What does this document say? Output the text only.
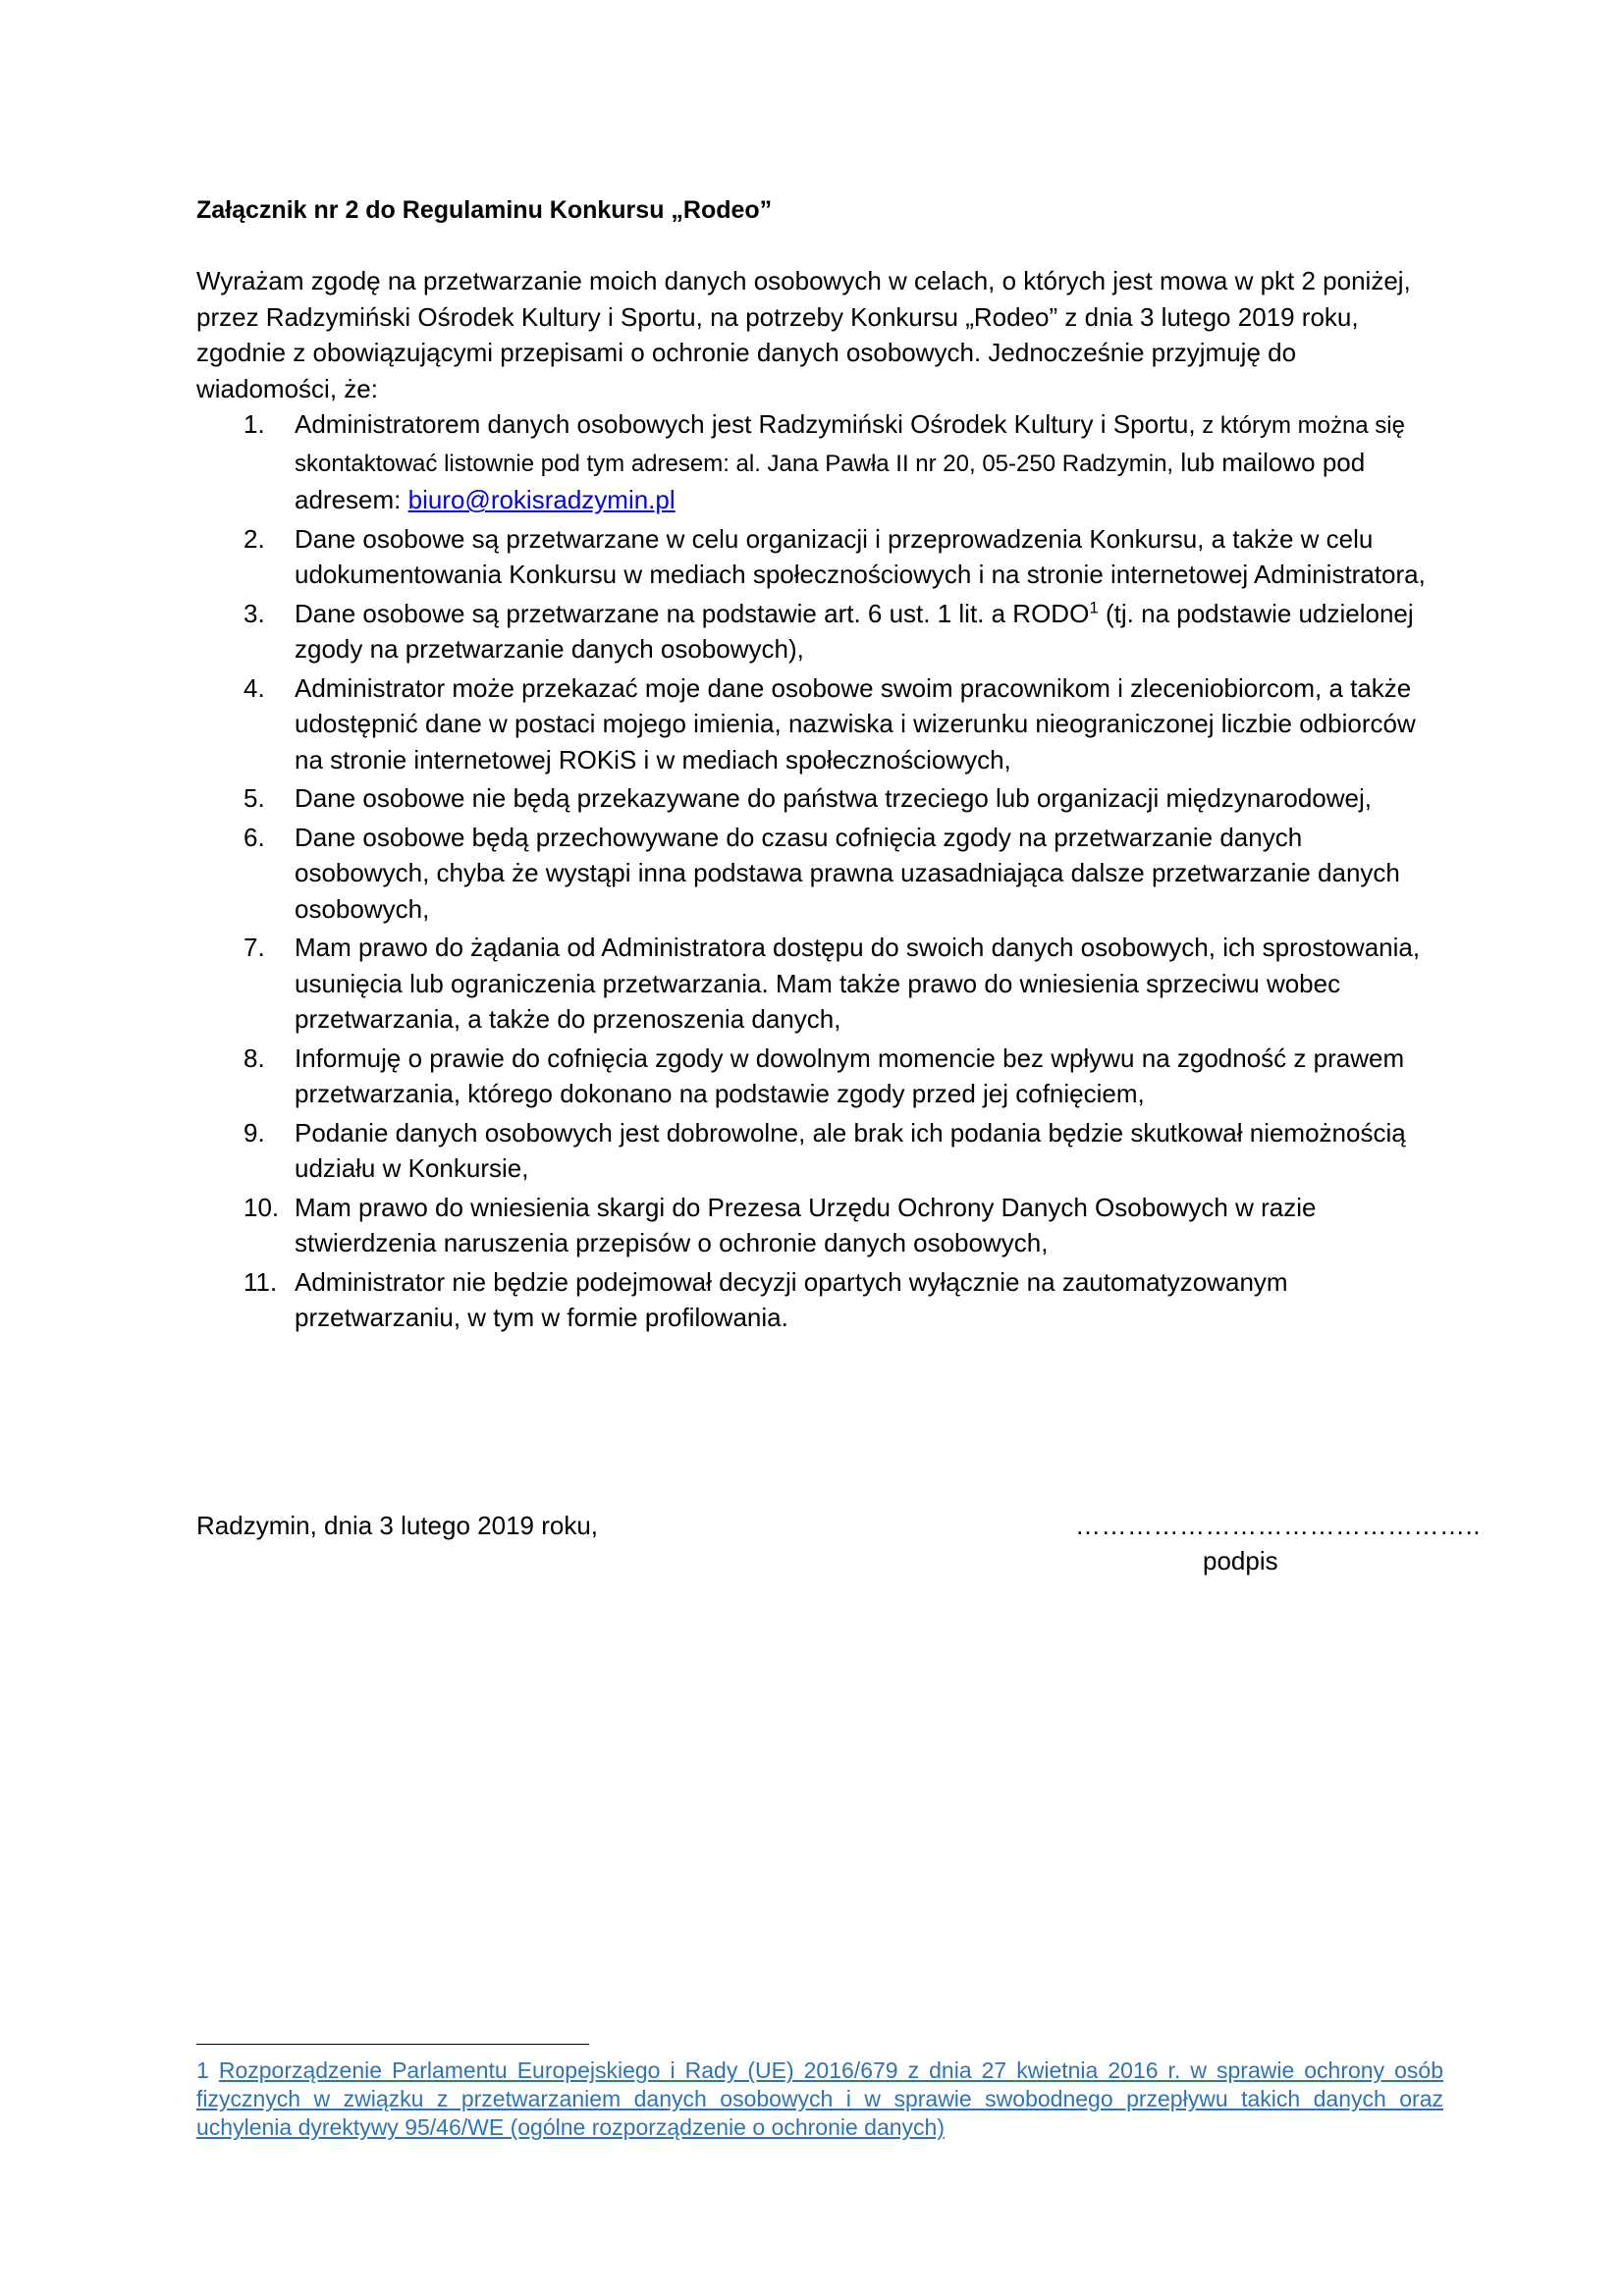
Załącznik nr 2 do Regulaminu Konkursu „Rodeo”

Wyrażam zgodę na przetwarzanie moich danych osobowych w celach, o których jest mowa w pkt 2 poniżej, przez Radzymiński Ośrodek Kultury i Sportu, na potrzeby Konkursu „Rodeo” z dnia 3 lutego 2019 roku, zgodnie z obowiązującymi przepisami o ochronie danych osobowych. Jednocześnie przyjmuję do wiadomości, że:

1. Administratorem danych osobowych jest Radzymiński Ośrodek Kultury i Sportu, z którym można się skontaktować listownie pod tym adresem: al. Jana Pawła II nr 20, 05-250 Radzymin, lub mailowo pod adresem: biuro@rokisradzymin.pl
2. Dane osobowe są przetwarzane w celu organizacji i przeprowadzenia Konkursu, a także w celu udokumentowania Konkursu w mediach społecznościowych i na stronie internetowej Administratora,
3. Dane osobowe są przetwarzane na podstawie art. 6 ust. 1 lit. a RODO$^1$ (tj. na podstawie udzielonej zgody na przetwarzanie danych osobowych),
4. Administrator może przekazać moje dane osobowe swoim pracownikom i zleceniobiorcom, a także udostępnić dane w postaci mojego imienia, nazwiska i wizerunku nieograniczonej liczbie odbiorców na stronie internetowej ROKiS i w mediach społecznościowych,
5. Dane osobowe nie będą przekazywane do państwa trzeciego lub organizacji międzynarodowej,
6. Dane osobowe będą przechowywane do czasu cofnięcia zgody na przetwarzanie danych osobowych, chyba że wystąpi inna podstawa prawna uzasadniająca dalsze przetwarzanie danych osobowych,
7. Mam prawo do żądania od Administratora dostępu do swoich danych osobowych, ich sprostowania, usunięcia lub ograniczenia przetwarzania. Mam także prawo do wniesienia sprzeciwu wobec przetwarzania, a także do przenoszenia danych,
8. Informuję o prawie do cofnięcia zgody w dowolnym momencie bez wpływu na zgodność z prawem przetwarzania, którego dokonano na podstawie zgody przed jej cofnięciem,
9. Podanie danych osobowych jest dobrowolne, ale brak ich podania będzie skutkował niemożnością udziału w Konkursie,
10. Mam prawo do wniesienia skargi do Prezesa Urzędu Ochrony Danych Osobowych w razie stwierdzenia naruszenia przepisów o ochronie danych osobowych,
11. Administrator nie będzie podejmował decyzji opartych wyłącznie na zautomatyzowanym przetwarzaniu, w tym w formie profilowania.
Radzymin, dnia 3 lutego 2019 roku,	………………………………………..
podpis
1 Rozporządzenie Parlamentu Europejskiego i Rady (UE) 2016/679 z dnia 27 kwietnia 2016 r. w sprawie ochrony osób fizycznych w związku z przetwarzaniem danych osobowych i w sprawie swobodnego przepływu takich danych oraz uchylenia dyrektywy 95/46/WE (ogólne rozporządzenie o ochronie danych)
